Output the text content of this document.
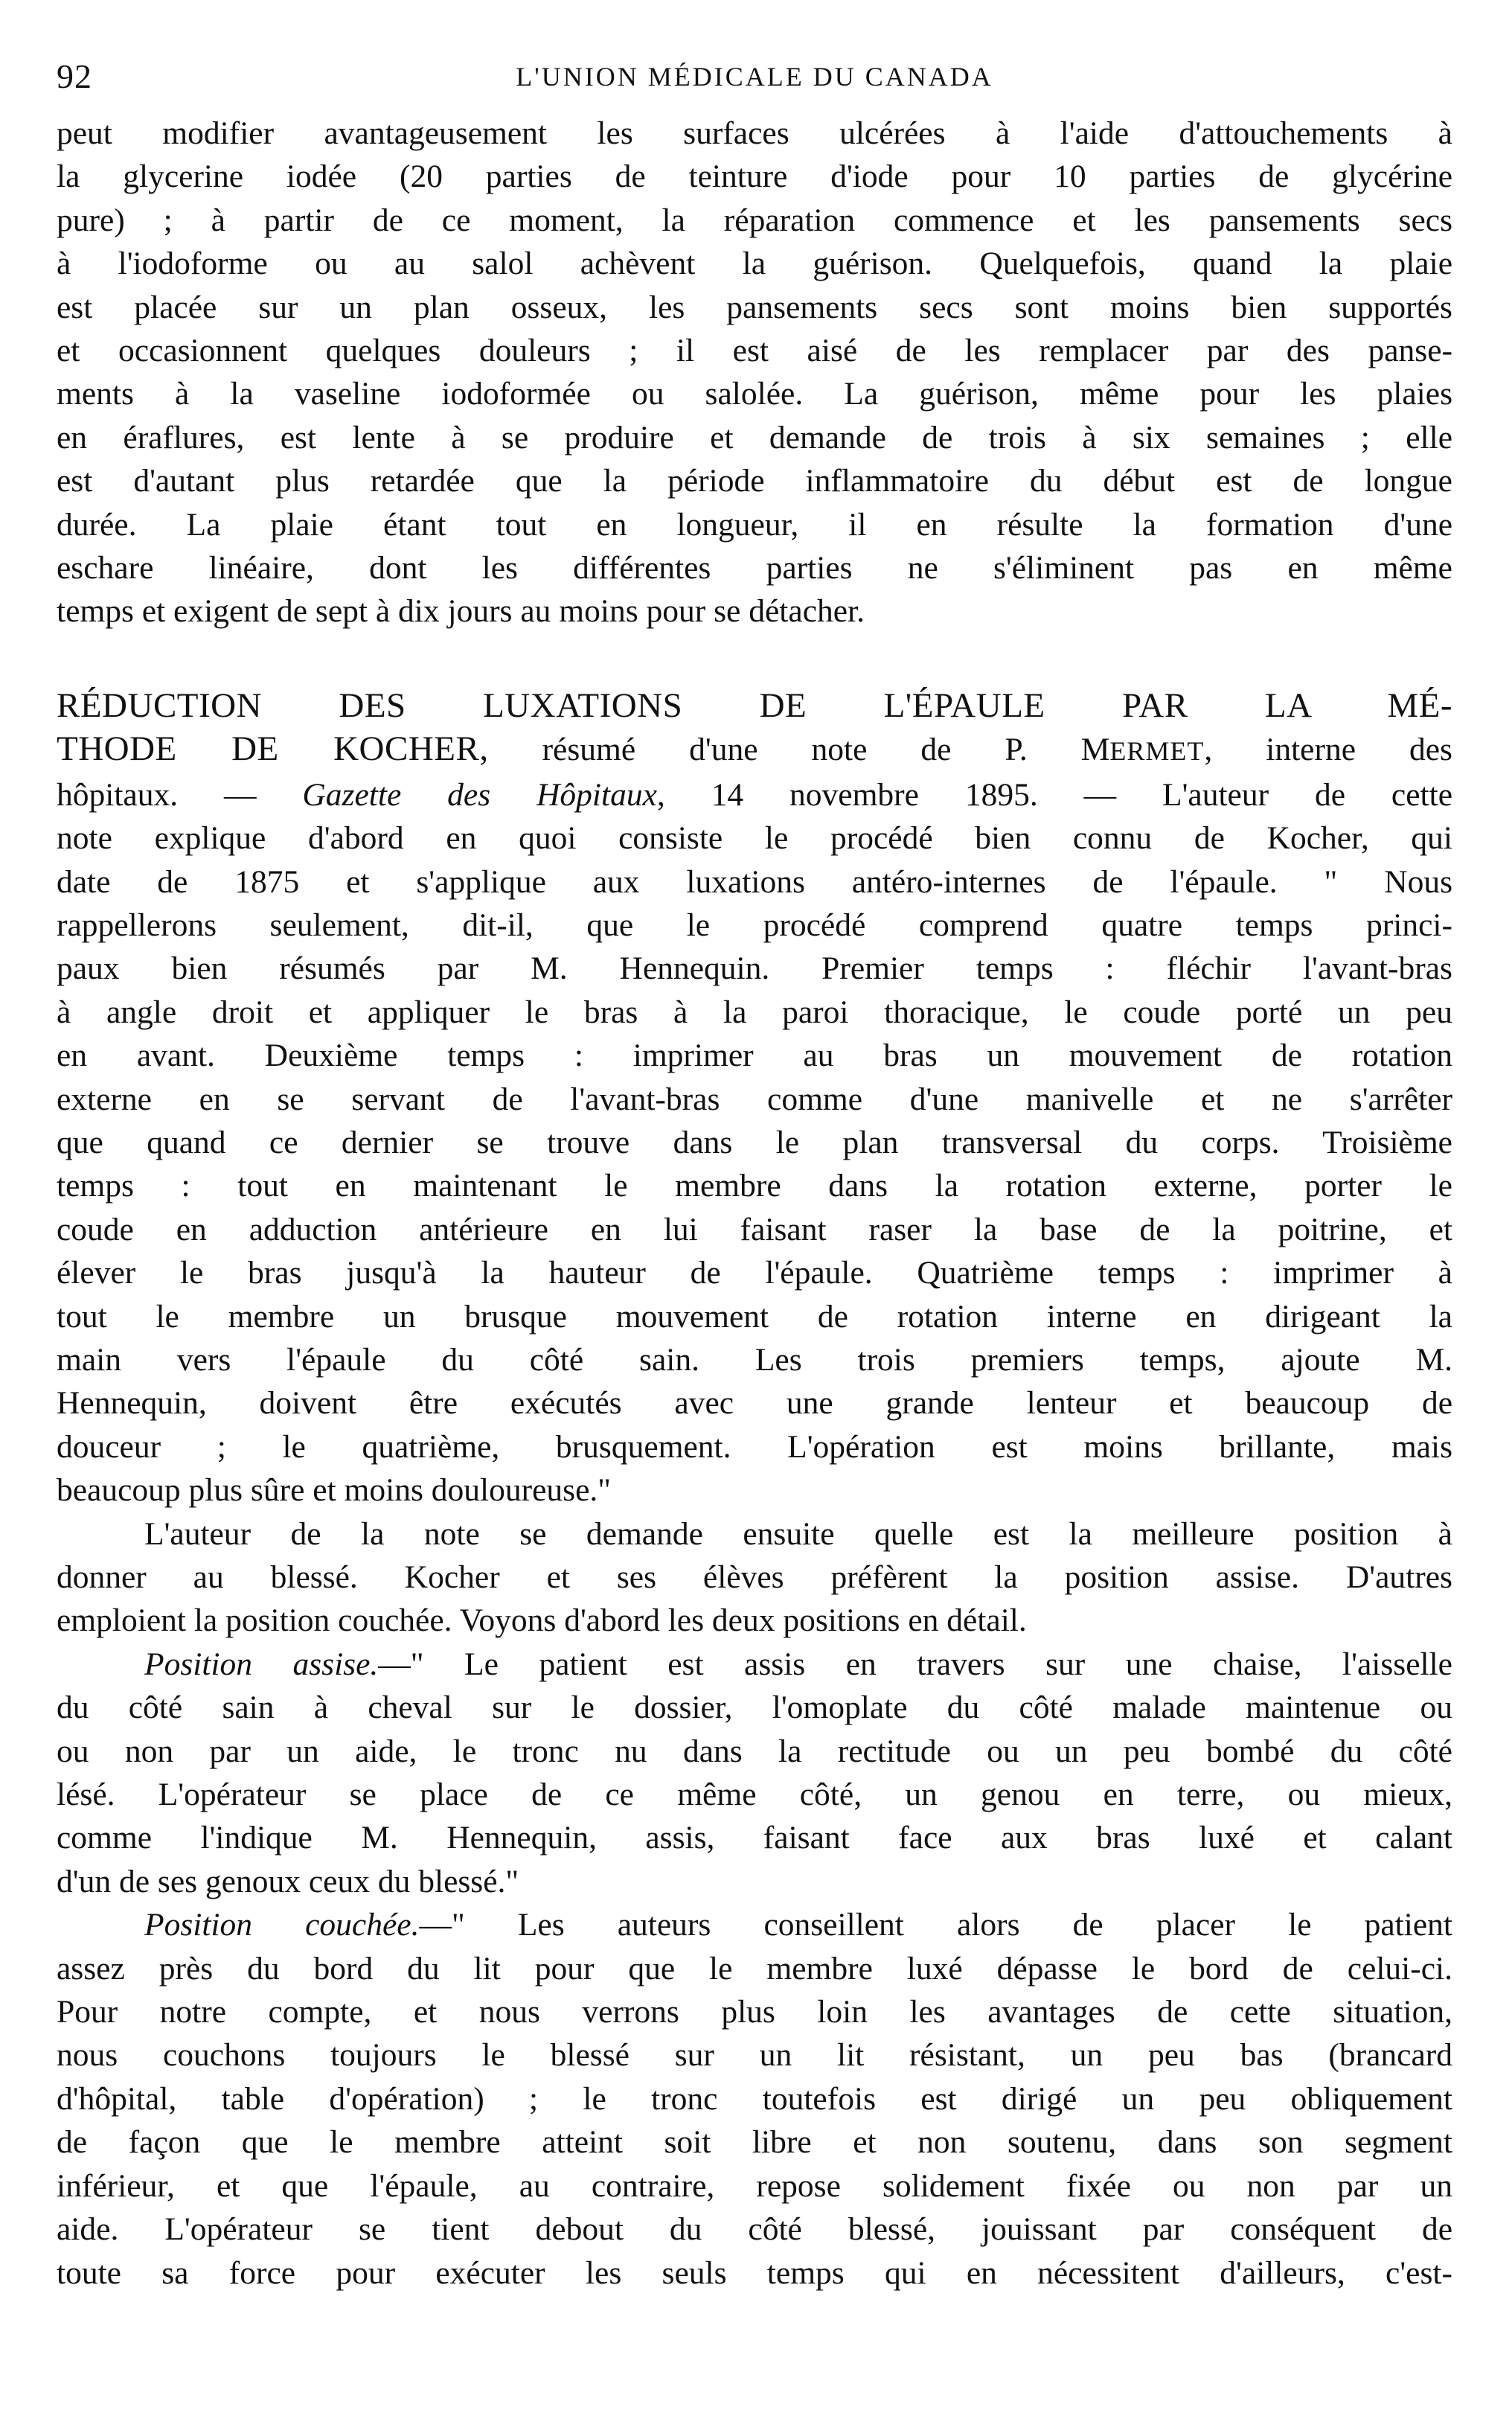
92	L'UNION MÉDICALE DU CANADA
peut modifier avantageusement les surfaces ulcérées à l'aide d'attouchements à
la glycerine iodée (20 parties de teinture d'iode pour 10 parties de glycérine
pure) ; à partir de ce moment, la réparation commence et les pansements secs
à l'iodoforme ou au salol achèvent la guérison. Quelquefois, quand la plaie
est placée sur un plan osseux, les pansements secs sont moins bien supportés
et occasionnent quelques douleurs ; il est aisé de les remplacer par des panse-
ments à la vaseline iodoformée ou salolée. La guérison, même pour les plaies
en éraflures, est lente à se produire et demande de trois à six semaines ; elle
est d'autant plus retardée que la période inflammatoire du début est de longue
durée. La plaie étant tout en longueur, il en résulte la formation d'une
eschare linéaire, dont les différentes parties ne s'éliminent pas en même
temps et exigent de sept à dix jours au moins pour se détacher.
RÉDUCTION DES LUXATIONS DE L'ÉPAULE PAR LA MÉ-
THODE DE KOCHER, résumé d'une note de P. MERMET, interne des
hôpitaux. — Gazette des Hôpitaux, 14 novembre 1895. — L'auteur de cette
note explique d'abord en quoi consiste le procédé bien connu de Kocher, qui
date de 1875 et s'applique aux luxations antéro-internes de l'épaule. " Nous
rappellerons seulement, dit-il, que le procédé comprend quatre temps princi-
paux bien résumés par M. Hennequin. Premier temps : fléchir l'avant-bras
à angle droit et appliquer le bras à la paroi thoracique, le coude porté un peu
en avant. Deuxième temps : imprimer au bras un mouvement de rotation
externe en se servant de l'avant-bras comme d'une manivelle et ne s'arrêter
que quand ce dernier se trouve dans le plan transversal du corps. Troisième
temps : tout en maintenant le membre dans la rotation externe, porter le
coude en adduction antérieure en lui faisant raser la base de la poitrine, et
élever le bras jusqu'à la hauteur de l'épaule. Quatrième temps : imprimer à
tout le membre un brusque mouvement de rotation interne en dirigeant la
main vers l'épaule du côté sain. Les trois premiers temps, ajoute M.
Hennequin, doivent être exécutés avec une grande lenteur et beaucoup de
douceur ; le quatrième, brusquement. L'opération est moins brillante, mais
beaucoup plus sûre et moins douloureuse."
L'auteur de la note se demande ensuite quelle est la meilleure position à
donner au blessé. Kocher et ses élèves préfèrent la position assise. D'autres
emploient la position couchée. Voyons d'abord les deux positions en détail.
Position assise.—" Le patient est assis en travers sur une chaise, l'aisselle
du côté sain à cheval sur le dossier, l'omoplate du côté malade maintenue ou
ou non par un aide, le tronc nu dans la rectitude ou un peu bombé du côté
lésé. L'opérateur se place de ce même côté, un genou en terre, ou mieux,
comme l'indique M. Hennequin, assis, faisant face aux bras luxé et calant
d'un de ses genoux ceux du blessé."
Position couchée.—" Les auteurs conseillent alors de placer le patient
assez près du bord du lit pour que le membre luxé dépasse le bord de celui-ci.
Pour notre compte, et nous verrons plus loin les avantages de cette situation,
nous couchons toujours le blessé sur un lit résistant, un peu bas (brancard
d'hôpital, table d'opération) ; le tronc toutefois est dirigé un peu obliquement
de façon que le membre atteint soit libre et non soutenu, dans son segment
inférieur, et que l'épaule, au contraire, repose solidement fixée ou non par un
aide. L'opérateur se tient debout du côté blessé, jouissant par conséquent de
toute sa force pour exécuter les seuls temps qui en nécessitent d'ailleurs, c'est-
